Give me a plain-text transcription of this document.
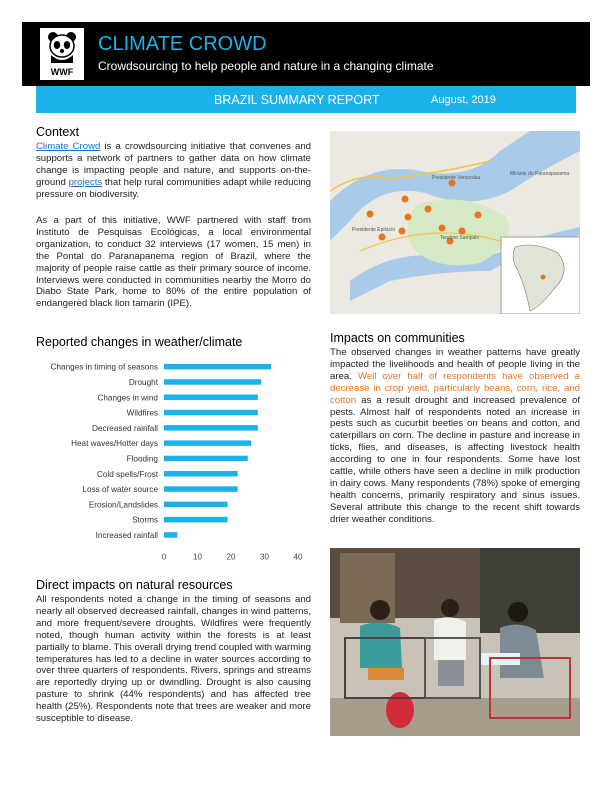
WWF
CLIMATE CROWD
Crowdsourcing to help people and nature in a changing climate
BRAZIL SUMMARY REPORT	August, 2019
Context

Climate Crowd is a crowdsourcing initiative that convenes and supports a network of partners to gather data on how climate change is impacting people and nature, and supports on-the-ground projects that help rural communities adapt while reducing pressure on biodiversity.

As a part of this initiative, WWF partnered with staff from Instituto de Pesquisas Ecológicas, a local environmental organization, to conduct 32 interviews (17 women, 15 men) in the Pontal do Paranapanema region of Brazil, where the majority of people raise cattle as their primary source of income. Interviews were conducted in communities nearby the Morro do Diabo State Park, home to 80% of the entire population of endangered black lion tamarin (IPE).

Reported changes in weather/climate
Changes in timing of seasons
Drought
Changes in wind
Wildfires
Decreased rainfall
Heat waves/Hotter days
Flooding
Cold spells/Frost
Loss of water source
Erosion/Landslides
Storms
Increased rainfall
0	10	20	30	40
Direct impacts on natural resources

All respondents noted a change in the timing of seasons and nearly all observed decreased rainfall, changes in wind patterns, and more frequent/severe droughts. Wildfires were frequently noted, though human activity within the forests is at least partially to blame. This overall drying trend coupled with warming temperatures has led to a decline in water sources according to over three quarters of respondents. Rivers, springs and streams are reportedly drying up or dwindling. Drought is also causing pasture to shrink (44% respondents) and has affected tree health (25%). Respondents note that trees are weaker and more susceptible to disease.

Presidente Epitácio
Teodoro Sampaio
Presidente Venceslau
Mirante do Paranapanema
Impacts on communities

The observed changes in weather patterns have greatly impacted the livelihoods and health of people living in the area. Well over half of respondents have observed a decrease in crop yield, particularly beans, corn, rice, and cotton as a result drought and increased prevalence of pests. Almost half of respondents noted an increase in pests such as cucurbit beetles on beans and cotton, and caterpillars on corn. The decline in pasture and increase in ticks, flies, and diseases, is affecting livestock health according to one in four respondents. Some have lost cattle, while others have seen a decline in milk production in dairy cows. Many respondents (78%) spoke of emerging health concerns, primarily respiratory and sinus issues. Several attribute this change to the recent shift towards drier weather conditions.
